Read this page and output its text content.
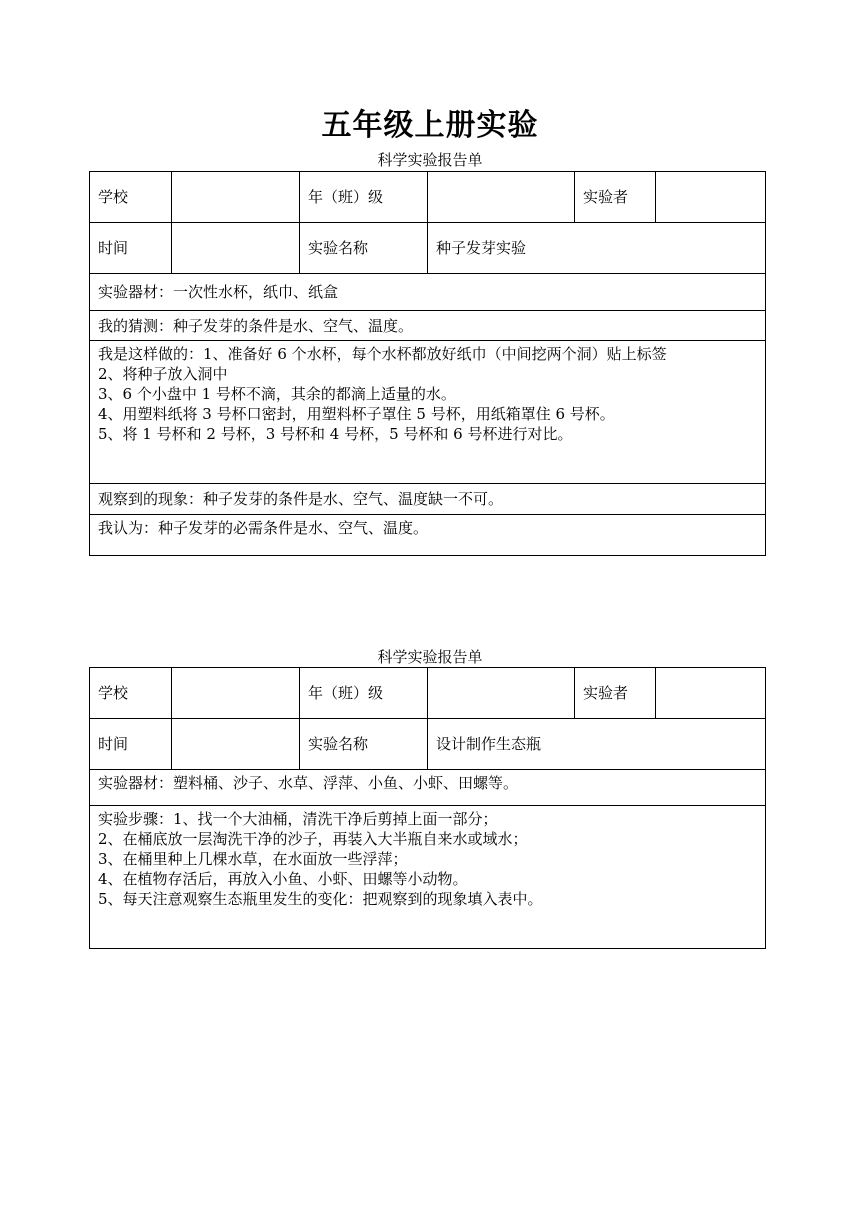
五年级上册实验
科学实验报告单
学校		年（班）级		实验者	
时间		实验名称	种子发芽实验		
实验器材：一次性水杯，纸巾、纸盒					
我的猜测：种子发芽的条件是水、空气、温度。					

我是这样做的：1、准备好 6 个水杯，每个水杯都放好纸巾（中间挖两个洞）贴上标签
2、将种子放入洞中
3、6 个小盘中 1 号杯不滴，其余的都滴上适量的水。
4、用塑料纸将 3 号杯口密封，用塑料杯子罩住 5 号杯，用纸箱罩住 6 号杯。
5、将 1 号杯和 2 号杯，3 号杯和 4 号杯，5 号杯和 6 号杯进行对比。					

观察到的现象：种子发芽的条件是水、空气、温度缺一不可。					
我认为：种子发芽的必需条件是水、空气、温度。					
科学实验报告单
学校		年（班）级		实验者	
时间		实验名称	设计制作生态瓶		
实验器材：塑料桶、沙子、水草、浮萍、小鱼、小虾、田螺等。					

实验步骤：1、找一个大油桶，清洗干净后剪掉上面一部分；
2、在桶底放一层淘洗干净的沙子，再装入大半瓶自来水或域水；
3、在桶里种上几棵水草，在水面放一些浮萍；
4、在植物存活后，再放入小鱼、小虾、田螺等小动物。
5、每天注意观察生态瓶里发生的变化：把观察到的现象填入表中。					
